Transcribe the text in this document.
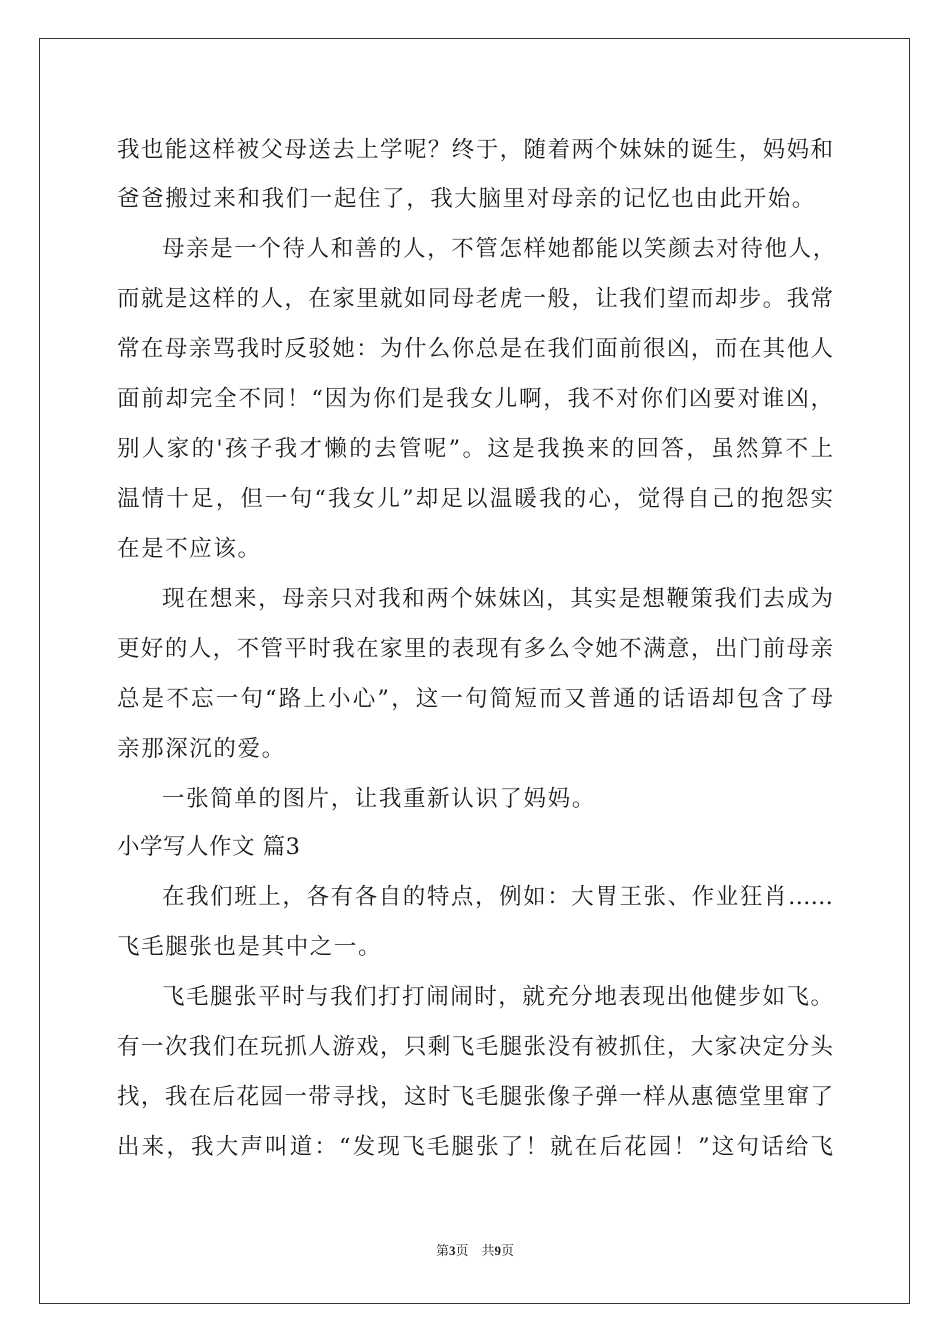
我也能这样被父母送去上学呢？终于，随着两个妹妹的诞生，妈妈和
爸爸搬过来和我们一起住了，我大脑里对母亲的记忆也由此开始。
母亲是一个待人和善的人，不管怎样她都能以笑颜去对待他人，
而就是这样的人，在家里就如同母老虎一般，让我们望而却步。我常
常在母亲骂我时反驳她：为什么你总是在我们面前很凶，而在其他人
面前却完全不同！“因为你们是我女儿啊，我不对你们凶要对谁凶，
别人家的'孩子我才懒的去管呢”。这是我换来的回答，虽然算不上
温情十足，但一句“我女儿”却足以温暖我的心，觉得自己的抱怨实
在是不应该。
现在想来，母亲只对我和两个妹妹凶，其实是想鞭策我们去成为
更好的人，不管平时我在家里的表现有多么令她不满意，出门前母亲
总是不忘一句“路上小心”，这一句简短而又普通的话语却包含了母
亲那深沉的爱。
一张简单的图片，让我重新认识了妈妈。
小学写人作文 篇3
在我们班上，各有各自的特点，例如：大胃王张、作业狂肖……
飞毛腿张也是其中之一。
飞毛腿张平时与我们打打闹闹时，就充分地表现出他健步如飞。
有一次我们在玩抓人游戏，只剩飞毛腿张没有被抓住，大家决定分头
找，我在后花园一带寻找，这时飞毛腿张像子弹一样从惠德堂里窜了
出来，我大声叫道：“发现飞毛腿张了！就在后花园！”这句话给飞
第3页　共9页
